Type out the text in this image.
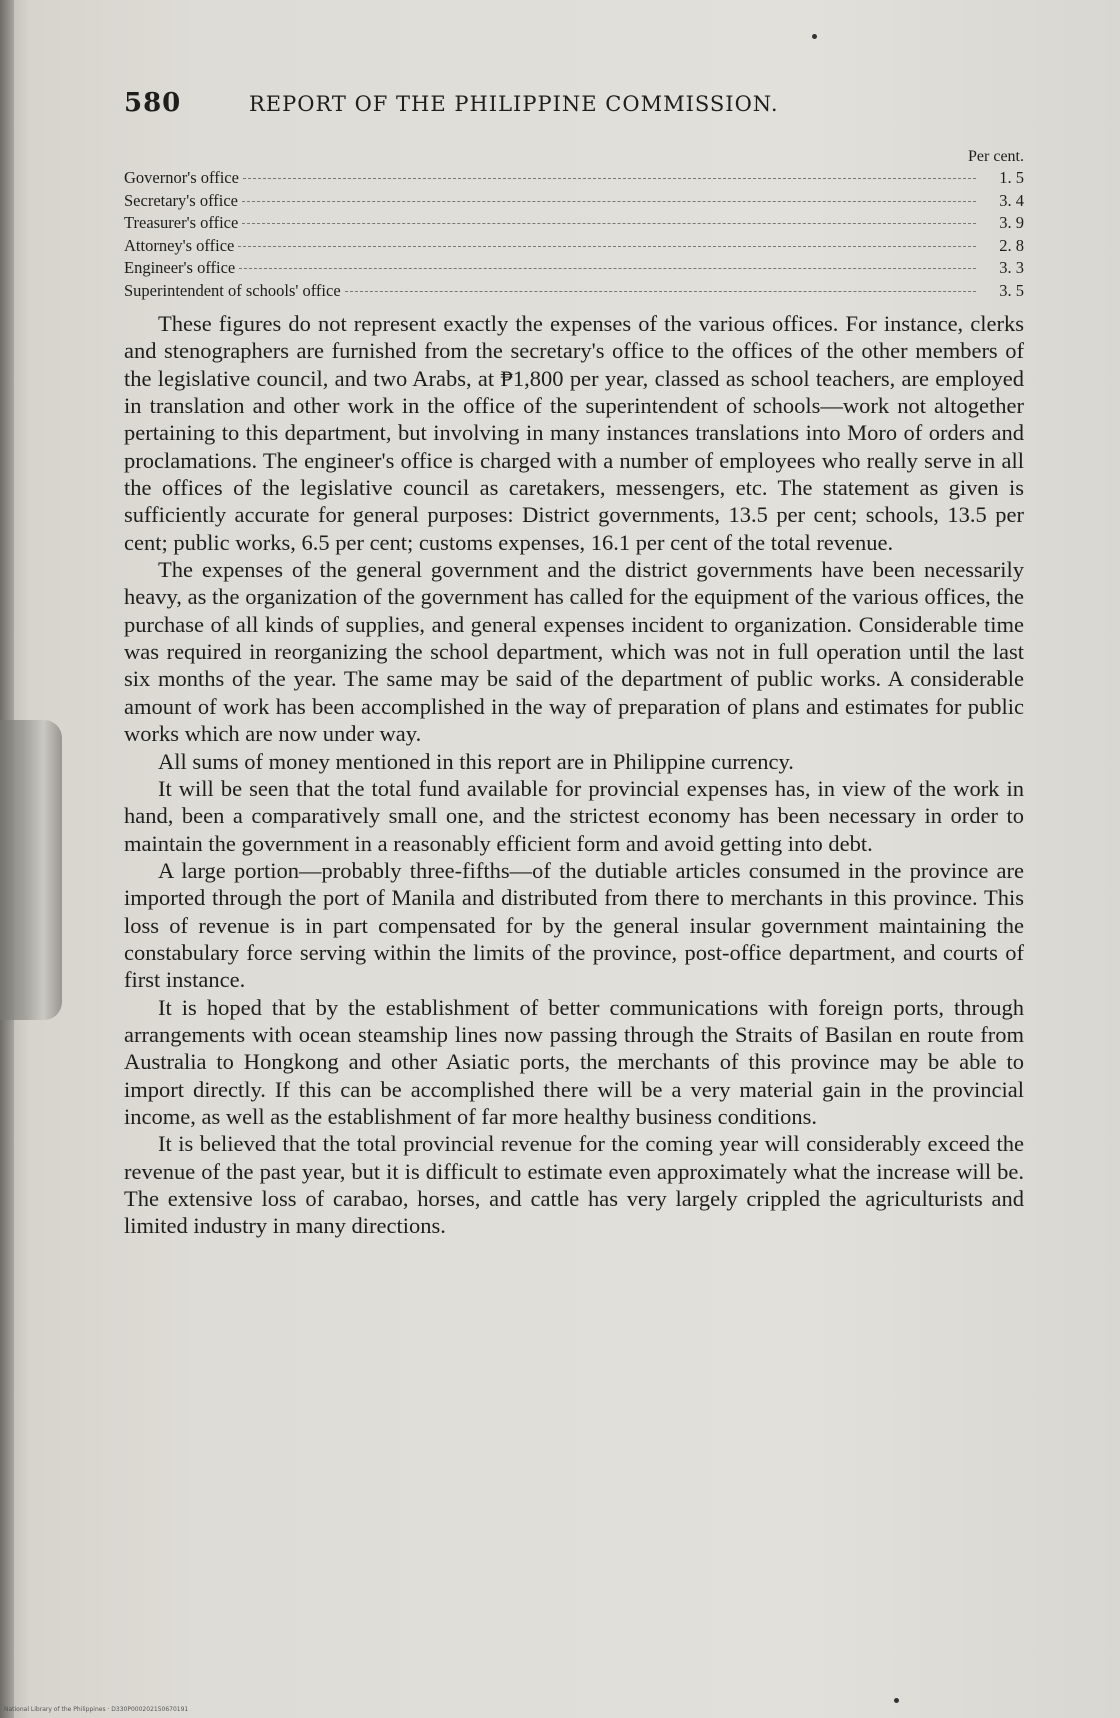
580	REPORT OF THE PHILIPPINE COMMISSION.
Per cent.
Governor's office	1. 5
Secretary's office	3. 4
Treasurer's office	3. 9
Attorney's office	2. 8
Engineer's office	3. 3
Superintendent of schools' office	3. 5

These figures do not represent exactly the expenses of the various offices. For instance, clerks and stenographers are furnished from the secretary's office to the offices of the other members of the legislative council, and two Arabs, at ₱1,800 per year, classed as school teachers, are employed in translation and other work in the office of the superintendent of schools—work not altogether pertaining to this department, but involving in many instances translations into Moro of orders and proclamations. The engineer's office is charged with a number of employees who really serve in all the offices of the legislative council as caretakers, messengers, etc. The statement as given is sufficiently accurate for general purposes: District governments, 13.5 per cent; schools, 13.5 per cent; public works, 6.5 per cent; customs expenses, 16.1 per cent of the total revenue.

The expenses of the general government and the district governments have been necessarily heavy, as the organization of the government has called for the equipment of the various offices, the purchase of all kinds of supplies, and general expenses incident to organization. Considerable time was required in reorganizing the school department, which was not in full operation until the last six months of the year. The same may be said of the department of public works. A considerable amount of work has been accomplished in the way of preparation of plans and estimates for public works which are now under way.

All sums of money mentioned in this report are in Philippine currency.

It will be seen that the total fund available for provincial expenses has, in view of the work in hand, been a comparatively small one, and the strictest economy has been necessary in order to maintain the government in a reasonably efficient form and avoid getting into debt.

A large portion—probably three-fifths—of the dutiable articles consumed in the province are imported through the port of Manila and distributed from there to merchants in this province. This loss of revenue is in part compensated for by the general insular government maintaining the constabulary force serving within the limits of the province, post-office department, and courts of first instance.

It is hoped that by the establishment of better communications with foreign ports, through arrangements with ocean steamship lines now passing through the Straits of Basilan en route from Australia to Hongkong and other Asiatic ports, the merchants of this province may be able to import directly. If this can be accomplished there will be a very material gain in the provincial income, as well as the establishment of far more healthy business conditions.

It is believed that the total provincial revenue for the coming year will considerably exceed the revenue of the past year, but it is difficult to estimate even approximately what the increase will be. The extensive loss of carabao, horses, and cattle has very largely crippled the agriculturists and limited industry in many directions.

National Library of the Philippines · D330P000202150670191
